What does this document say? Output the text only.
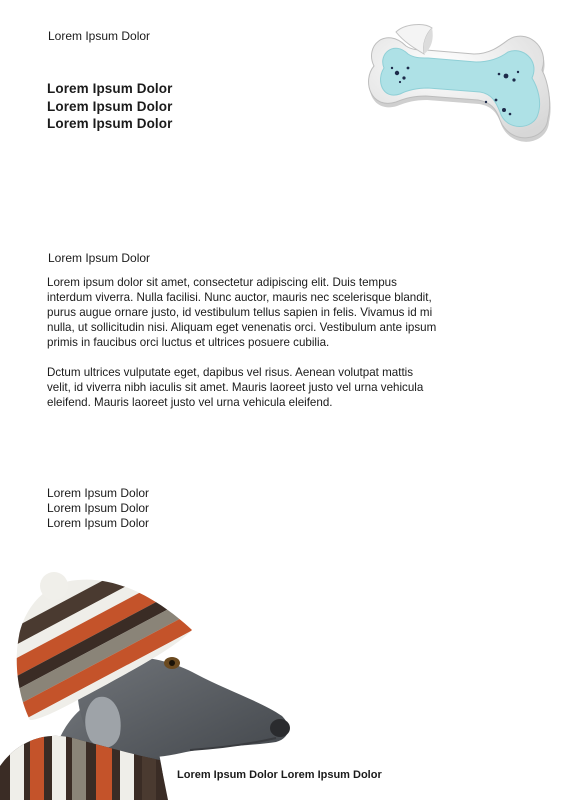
Lorem Ipsum Dolor
Lorem Ipsum Dolor
Lorem Ipsum Dolor
Lorem Ipsum Dolor
Lorem Ipsum Dolor

Lorem ipsum dolor sit amet, consectetur adipiscing elit. Duis tempus interdum viverra. Nulla facilisi. Nunc auctor, mauris nec scelerisque blandit, purus augue ornare justo, id vestibulum tellus sapien in felis. Vivamus id mi nulla, ut sollicitudin nisi. Aliquam eget venenatis orci. Vestibulum ante ipsum primis in faucibus orci luctus et ultrices posuere cubilia.

Dctum ultrices vulputate eget, dapibus vel risus. Aenean volutpat mattis velit, id viverra nibh iaculis sit amet. Mauris laoreet justo vel urna vehicula eleifend. Mauris laoreet justo vel urna vehicula eleifend.

Lorem Ipsum Dolor
Lorem Ipsum Dolor
Lorem Ipsum Dolor
Lorem Ipsum Dolor Lorem Ipsum Dolor
